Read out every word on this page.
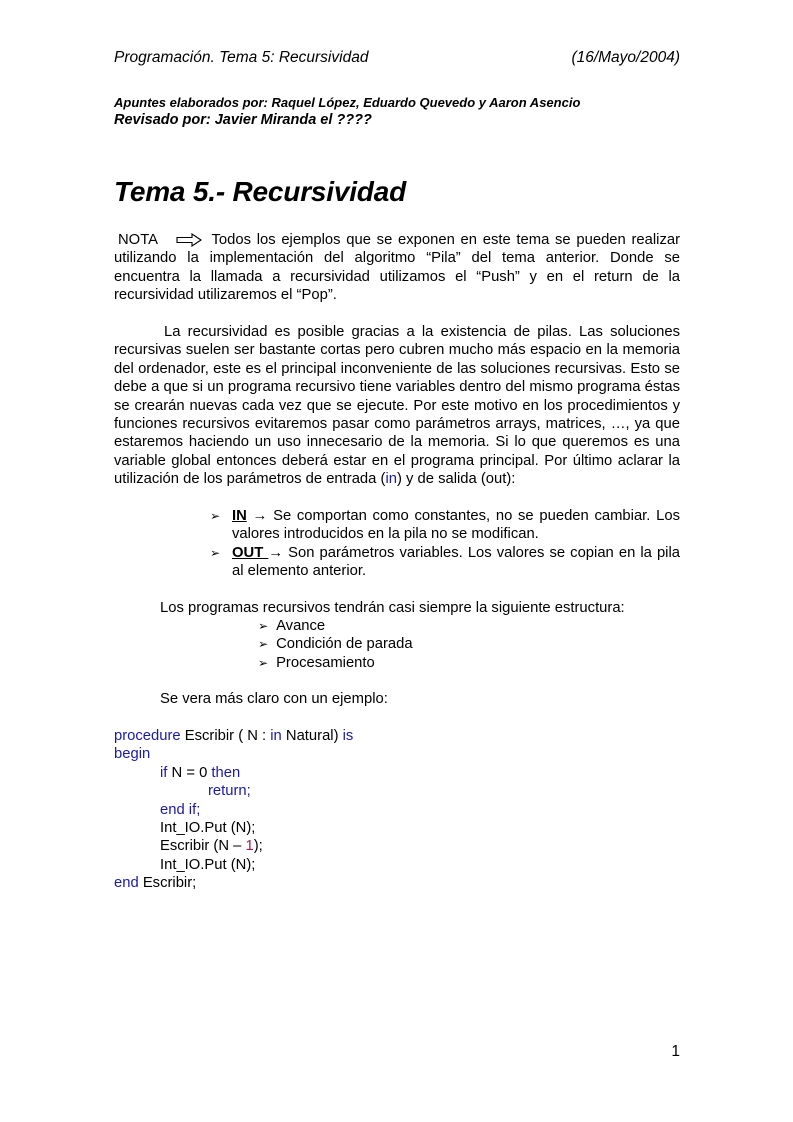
Programación. Tema 5: Recursividad	(16/Mayo/2004)
Apuntes elaborados por: Raquel López, Eduardo Quevedo y Aaron Asencio
Revisado por: Javier Miranda el ????
Tema 5.- Recursividad
NOTA	Todos los ejemplos que se exponen en este tema se pueden realizar utilizando la implementación del algoritmo “Pila” del tema anterior. Donde se encuentra la llamada a recursividad utilizamos el “Push” y en el return de la recursividad utilizaremos el “Pop”.
La recursividad es posible gracias a la existencia de pilas. Las soluciones recursivas suelen ser bastante cortas pero cubren mucho más espacio en la memoria del ordenador, este es el principal inconveniente de las soluciones recursivas. Esto se debe a que si un programa recursivo tiene variables dentro del mismo programa éstas se crearán nuevas cada vez que se ejecute. Por este motivo en los procedimientos y funciones recursivos evitaremos pasar como parámetros arrays, matrices, …, ya que estaremos haciendo un uso innecesario de la memoria. Si lo que queremos es una variable global entonces deberá estar en el programa principal. Por último aclarar la utilización de los parámetros de entrada (in) y de salida (out):
➢ IN → Se comportan como constantes, no se pueden cambiar. Los valores introducidos en la pila no se modifican.
➢ OUT → Son parámetros variables. Los valores se copian en la pila al elemento anterior.
Los programas recursivos tendrán casi siempre la siguiente estructura:
➢ Avance
➢ Condición de parada
➢ Procesamiento
Se vera más claro con un ejemplo:
procedure Escribir ( N : in Natural) is
begin
if N = 0 then
return;
end if;
Int_IO.Put (N);
Escribir (N – 1);
Int_IO.Put (N);
end Escribir;
1
